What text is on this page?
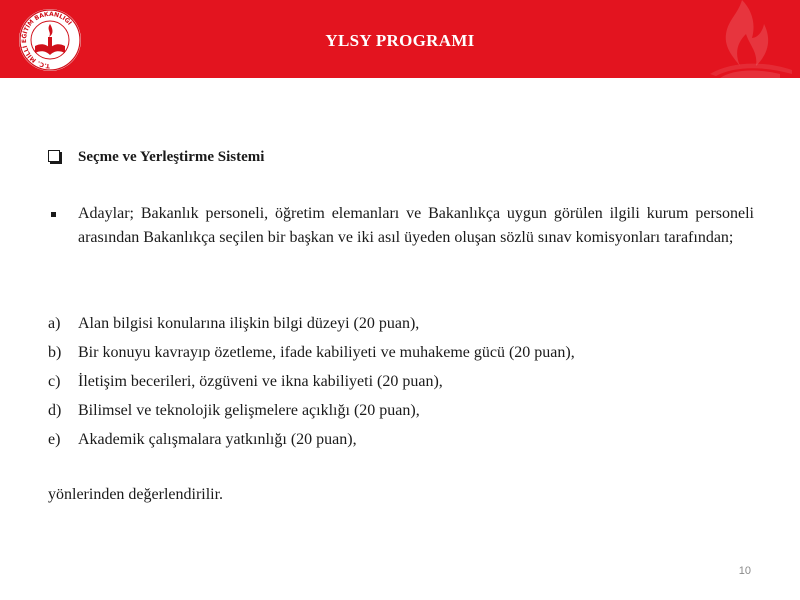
T.C. MİLLİ EĞİTİM BAKANLIĞI
YLSY PROGRAMI
Seçme ve Yerleştirme Sistemi
Adaylar; Bakanlık personeli, öğretim elemanları ve Bakanlıkça uygun görülen ilgili kurum personeli arasından Bakanlıkça seçilen bir başkan ve iki asıl üyeden oluşan sözlü sınav komisyonları tarafından;
a)	Alan bilgisi konularına ilişkin bilgi düzeyi (20 puan),
b)	Bir konuyu kavrayıp özetleme, ifade kabiliyeti ve muhakeme gücü (20 puan),
c)	İletişim becerileri, özgüveni ve ikna kabiliyeti (20 puan),
d)	Bilimsel ve teknolojik gelişmelere açıklığı (20 puan),
e)	Akademik çalışmalara yatkınlığı (20 puan),
yönlerinden değerlendirilir.
10
